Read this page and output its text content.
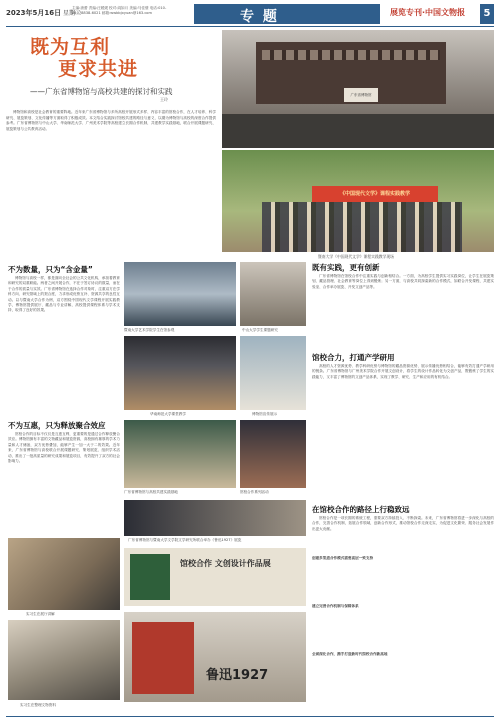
2023年5月16日 星期二
主编:唐蕾 责编:汪媛媛 校对:阎如月 美编:马佳璧 电话:010-84078838-6021 邮箱:wwbbjxyuan@163.com	专 题	展览专刊·中国文物报	5
既为互利
更求共进
——广东省博物馆与高校共建的探讨和实践
王玲
博物馆和高校是社会教育的重要阵地。近年来广东省博物馆与多所高校开展形式多样、内容丰富的馆校合作，在人才培养、科学研究、展览策划、文化传播等方面取得了积极成效。本文结合实践探讨馆校共建的路径与意义，以期为博物馆与高校的深度合作提供参考。广东省博物馆与中山大学、华南师范大学、广州美术学院等高校建立长期合作机制，共建教学实践基地，联合开展课题研究、展览策划与公共教育活动。
广东省博物馆
《中国现代文学》课程实践教学
暨南大学《中国现代文学》课程实践教学现场
不为数量，只为“含金量”
博物馆与高校一样，都是面向全社会的公共文化机构，承担着教育和研究的双重职能。两者之间开展合作，不在于签订协议的数量，而在于合作的质量与实效。广东省博物馆在选择合作对象时，注重双方在学科方向、研究领域上的契合度，力求形成优势互补、资源共享的良性互动。以与暨南大学合作为例，双方围绕中国现代文学课程开展实践教学，博物馆提供展厅、藏品与专业讲解，高校提供课程体系与学术支持，取得了良好的效果。
不为互惠，只为释放聚合效应
馆校合作的目标不仅仅是互惠互利，更重要的是通过合作释放聚合效应。博物馆拥有丰富的文物藏品和展览资源，高校拥有雄厚的学术力量和人才储备，双方优势叠加，能够产生一加一大于二的效果。近年来，广东省博物馆与高校联合开展课题研究、策划展览、组织学术活动，推出了一批高质量的研究成果和展览项目，有效提升了双方的社会影响力。
实习生在展厅讲解
实习生在整理文物资料
暨南大学艺术学院学生在馆参观	中山大学学生课题研究
华南师范大学课堂教学	博物馆宣传展示
广东省博物馆与高校共建实践基地	馆校合作系列活动
广东省博物馆与暨南大学文学院文学研究所联合举办《鲁迅1927》展览
馆校合作 文创设计作品展
鲁迅1927
既有实践，更有创新
广东省博物馆在馆校合作中注重实践与创新相结合。一方面，为高校学生提供实习实践岗位，让学生在展览策划、藏品管理、社会教育等岗位上得到锻炼；另一方面，与高校共同探索新的合作模式，如联合开发课程、共建实验室、合作举办展览、开发文创产品等。
馆校合力，打通产学研用
高校的人才资源优势、教学科研优势与博物馆的藏品资源优势、展示传播优势相结合，能够有效打通产学研用的链条。广东省博物馆与广州美术学院合作开展文创设计，将学生的设计作品转化为文创产品，既锻炼了学生的实践能力，又丰富了博物馆的文创产品体系，实现了教学、研究、生产和应用的有机结合。
在馆校合作的路径上行稳致远
馆校合作是一项长期的系统工程，需要双方持续投入、不断探索。未来，广东省博物馆将进一步深化与高校的合作，完善合作机制，拓展合作领域，创新合作形式，推动馆校合作走深走实，为促进文化繁荣、服务社会发展作出更大贡献。
创建多渠道合作模式需要高层一致支持
建立完善合作机制与保障体系
全面深化合作，携手打造新时代馆校合作新高地
